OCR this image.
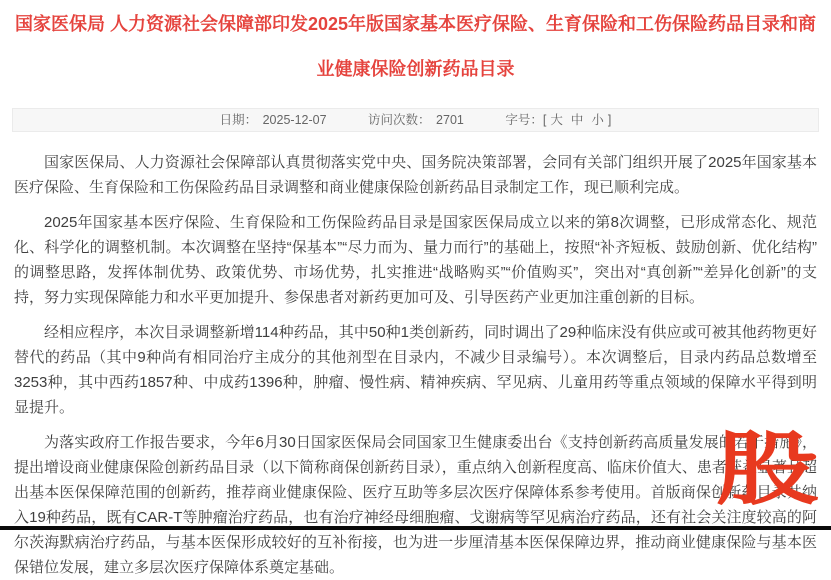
国家医保局 人力资源社会保障部印发2025年版国家基本医疗保险、生育保险和工伤保险药品目录和商业健康保险创新药品目录
日期： 2025-12-07	访问次数： 2701	字号：[ 大 中 小 ]

国家医保局、人力资源社会保障部认真贯彻落实党中央、国务院决策部署，会同有关部门组织开展了2025年国家基本医疗保险、生育保险和工伤保险药品目录调整和商业健康保险创新药品目录制定工作，现已顺利完成。

2025年国家基本医疗保险、生育保险和工伤保险药品目录是国家医保局成立以来的第8次调整，已形成常态化、规范化、科学化的调整机制。本次调整在坚持“保基本”“尽力而为、量力而行”的基础上，按照“补齐短板、鼓励创新、优化结构”的调整思路，发挥体制优势、政策优势、市场优势，扎实推进“战略购买”“价值购买”，突出对“真创新”“差异化创新”的支持，努力实现保障能力和水平更加提升、参保患者对新药更加可及、引导医药产业更加注重创新的目标。

经相应程序，本次目录调整新增114种药品，其中50种1类创新药，同时调出了29种临床没有供应或可被其他药物更好替代的药品（其中9种尚有相同治疗主成分的其他剂型在目录内，不减少目录编号）。本次调整后，目录内药品总数增至3253种，其中西药1857种、中成药1396种，肿瘤、慢性病、精神疾病、罕见病、儿童用药等重点领域的保障水平得到明显提升。

为落实政府工作报告要求，今年6月30日国家医保局会同国家卫生健康委出台《支持创新药高质量发展的若干措施》，提出增设商业健康保险创新药品目录（以下简称商保创新药目录），重点纳入创新程度高、临床价值大、患者获益显著且超出基本医保保障范围的创新药，推荐商业健康保险、医疗互助等多层次医疗保障体系参考使用。首版商保创新药目录共纳入19种药品，既有CAR-T等肿瘤治疗药品，也有治疗神经母细胞瘤、戈谢病等罕见病治疗药品，还有社会关注度较高的阿尔茨海默病治疗药品，与基本医保形成较好的互补衔接，也为进一步厘清基本医保保障边界，推动商业健康保险与基本医保错位发展，建立多层次医疗保障体系奠定基础。

股
